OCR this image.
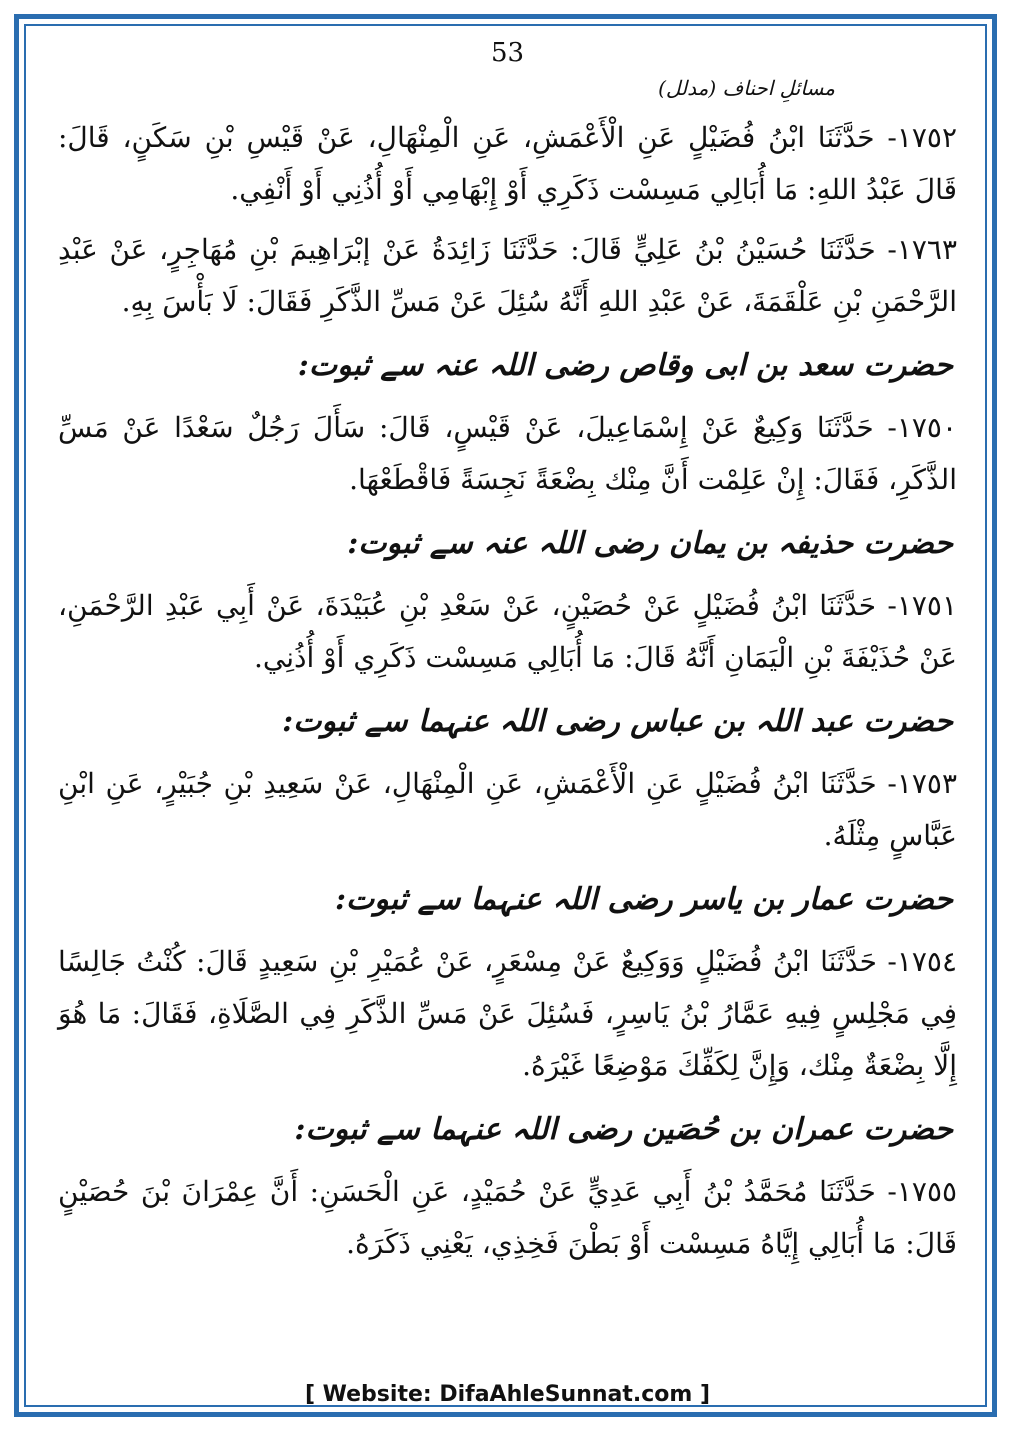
53
مسائلِ احناف (مدلل)

١٧٥٢- حَدَّثَنَا ابْنُ فُضَيْلٍ عَنِ الْأَعْمَشِ، عَنِ الْمِنْهَالِ، عَنْ قَيْسِ بْنِ سَكَنٍ، قَالَ: قَالَ عَبْدُ اللهِ: مَا أُبَالِي مَسِسْت ذَكَرِي أَوْ إِبْهَامِي أَوْ أُذُنِي أَوْ أَنْفِي.

١٧٦٣- حَدَّثَنَا حُسَيْنُ بْنُ عَلِيٍّ قَالَ: حَدَّثَنَا زَائِدَةُ عَنْ إبْرَاهِيمَ بْنِ مُهَاجِرٍ، عَنْ عَبْدِ الرَّحْمَنِ بْنِ عَلْقَمَةَ، عَنْ عَبْدِ اللهِ أَنَّهُ سُئِلَ عَنْ مَسِّ الذَّكَرِ فَقَالَ: لَا بَأْسَ بِهِ.

حضرت سعد بن ابی وقاص رضی اللہ عنہ سے ثبوت:

١٧٥٠- حَدَّثَنَا وَكِيعٌ عَنْ إِسْمَاعِيلَ، عَنْ قَيْسٍ، قَالَ: سَأَلَ رَجُلٌ سَعْدًا عَنْ مَسِّ الذَّكَرِ، فَقَالَ: إِنْ عَلِمْت أَنَّ مِنْك بِضْعَةً نَجِسَةً فَاقْطَعْهَا.

حضرت حذیفہ بن یمان رضی اللہ عنہ سے ثبوت:

١٧٥١- حَدَّثَنَا ابْنُ فُضَيْلٍ عَنْ حُصَيْنٍ، عَنْ سَعْدِ بْنِ عُبَيْدَةَ، عَنْ أَبِي عَبْدِ الرَّحْمَنِ، عَنْ حُذَيْفَةَ بْنِ الْيَمَانِ أَنَّهُ قَالَ: مَا أُبَالِي مَسِسْت ذَكَرِي أَوْ أُذُنِي.

حضرت عبد اللہ بن عباس رضی اللہ عنہما سے ثبوت:

١٧٥٣- حَدَّثَنَا ابْنُ فُضَيْلٍ عَنِ الْأَعْمَشِ، عَنِ الْمِنْهَالِ، عَنْ سَعِيدِ بْنِ جُبَيْرٍ، عَنِ ابْنِ عَبَّاسٍ مِثْلَهُ.

حضرت عمار بن یاسر رضی اللہ عنہما سے ثبوت:

١٧٥٤- حَدَّثَنَا ابْنُ فُضَيْلٍ وَوَكِيعٌ عَنْ مِسْعَرٍ، عَنْ عُمَيْرِ بْنِ سَعِيدٍ قَالَ: كُنْتُ جَالِسًا فِي مَجْلِسٍ فِيهِ عَمَّارُ بْنُ يَاسِرٍ، فَسُئِلَ عَنْ مَسِّ الذَّكَرِ فِي الصَّلَاةِ، فَقَالَ: مَا هُوَ إِلَّا بِضْعَةٌ مِنْك، وَإِنَّ لِكَفِّكَ مَوْضِعًا غَيْرَهُ.

حضرت عمران بن حُصَین رضی اللہ عنہما سے ثبوت:

١٧٥٥- حَدَّثَنَا مُحَمَّدُ بْنُ أَبِي عَدِيٍّ عَنْ حُمَيْدٍ، عَنِ الْحَسَنِ: أَنَّ عِمْرَانَ بْنَ حُصَيْنٍ قَالَ: مَا أُبَالِي إِيَّاهُ مَسِسْت أَوْ بَطْنَ فَخِذِي، يَعْنِي ذَكَرَهُ.

[ Website: DifaAhleSunnat.com ]
